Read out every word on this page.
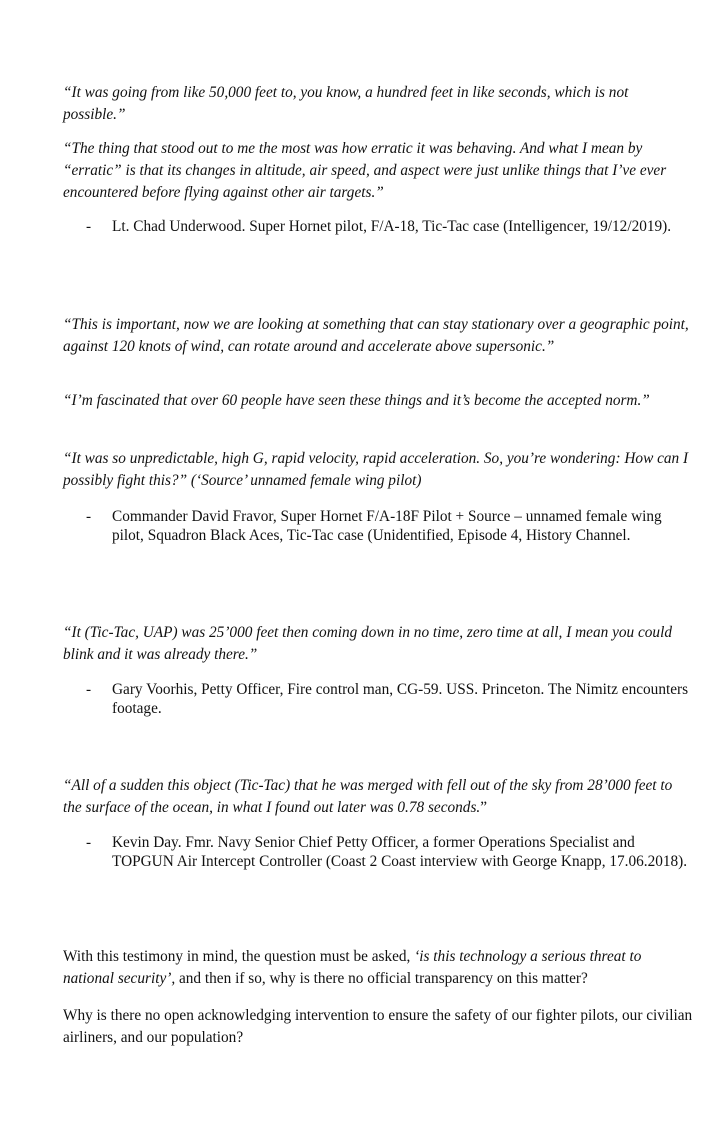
“It was going from like 50,000 feet to, you know, a hundred feet in like seconds, which is not possible.”

“The thing that stood out to me the most was how erratic it was behaving. And what I mean by “erratic” is that its changes in altitude, air speed, and aspect were just unlike things that I’ve ever encountered before flying against other air targets.”

- Lt. Chad Underwood. Super Hornet pilot, F/A-18, Tic-Tac case (Intelligencer, 19/12/2019).

“This is important, now we are looking at something that can stay stationary over a geographic point, against 120 knots of wind, can rotate around and accelerate above supersonic.”

“I’m fascinated that over 60 people have seen these things and it’s become the accepted norm.”

“It was so unpredictable, high G, rapid velocity, rapid acceleration. So, you’re wondering: How can I possibly fight this?” (‘Source’ unnamed female wing pilot)

- Commander David Fravor, Super Hornet F/A-18F Pilot + Source – unnamed female wing pilot, Squadron Black Aces, Tic-Tac case (Unidentified, Episode 4, History Channel.

“It (Tic-Tac, UAP) was 25’000 feet then coming down in no time, zero time at all, I mean you could blink and it was already there.”

- Gary Voorhis, Petty Officer, Fire control man, CG-59. USS. Princeton. The Nimitz encounters footage.

“All of a sudden this object (Tic-Tac) that he was merged with fell out of the sky from 28’000 feet to the surface of the ocean, in what I found out later was 0.78 seconds.”

- Kevin Day. Fmr. Navy Senior Chief Petty Officer, a former Operations Specialist and TOPGUN Air Intercept Controller (Coast 2 Coast interview with George Knapp, 17.06.2018).

With this testimony in mind, the question must be asked, ‘is this technology a serious threat to national security’, and then if so, why is there no official transparency on this matter?

Why is there no open acknowledging intervention to ensure the safety of our fighter pilots, our civilian airliners, and our population?
